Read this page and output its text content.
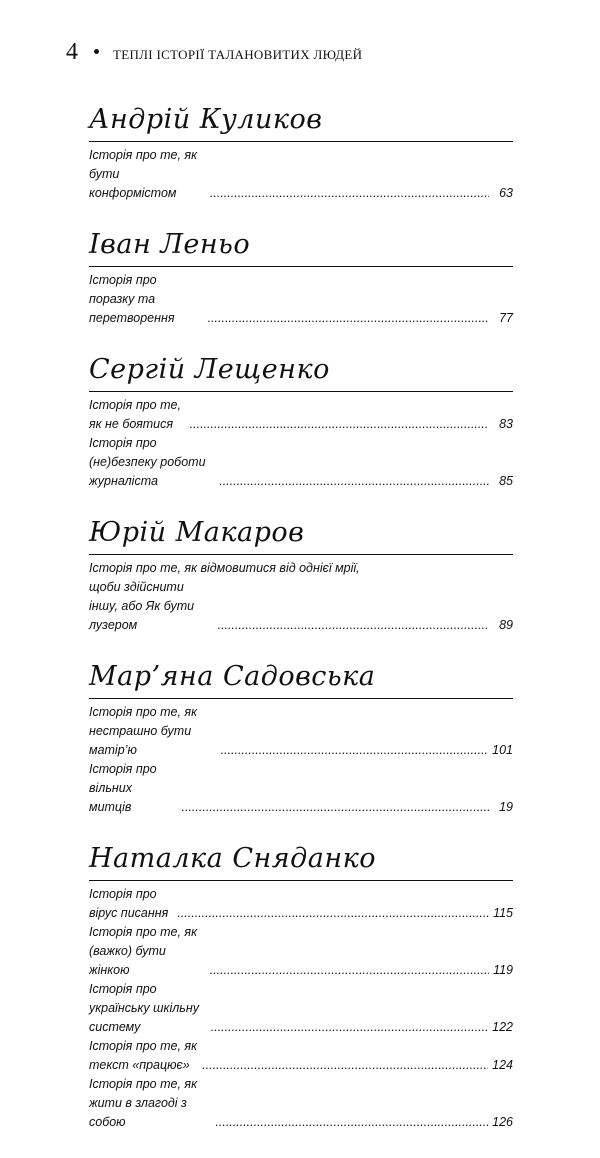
4	ТЕПЛІ ІСТОРІЇ ТАЛАНОВИТИХ ЛЮДЕЙ
Андрій Куликов
Історія про те, як бути конформістом .....	63
Іван Леньо
Історія про поразку та перетворення .....	77
Сергій Лещенко
Історія про те, як не боятися .....	83
Історія про (не)безпеку роботи журналіста .....	85
Юрій Макаров
Історія про те, як відмовитися від однієї мрії,
щоби здійснити іншу, або Як бути лузером .....	89
Мар’яна Садовська
Історія про те, як нестрашно бути матір’ю .....	101
Історія про вільних митців .....	19
Наталка Сняданко
Історія про вірус писання .....	115
Історія про те, як (важко) бути жінкою .....	119
Історія про українську шкільну систему .....	122
Історія про те, як текст «працює» .....	124
Історія про те, як жити в злагоді з собою .....	126
